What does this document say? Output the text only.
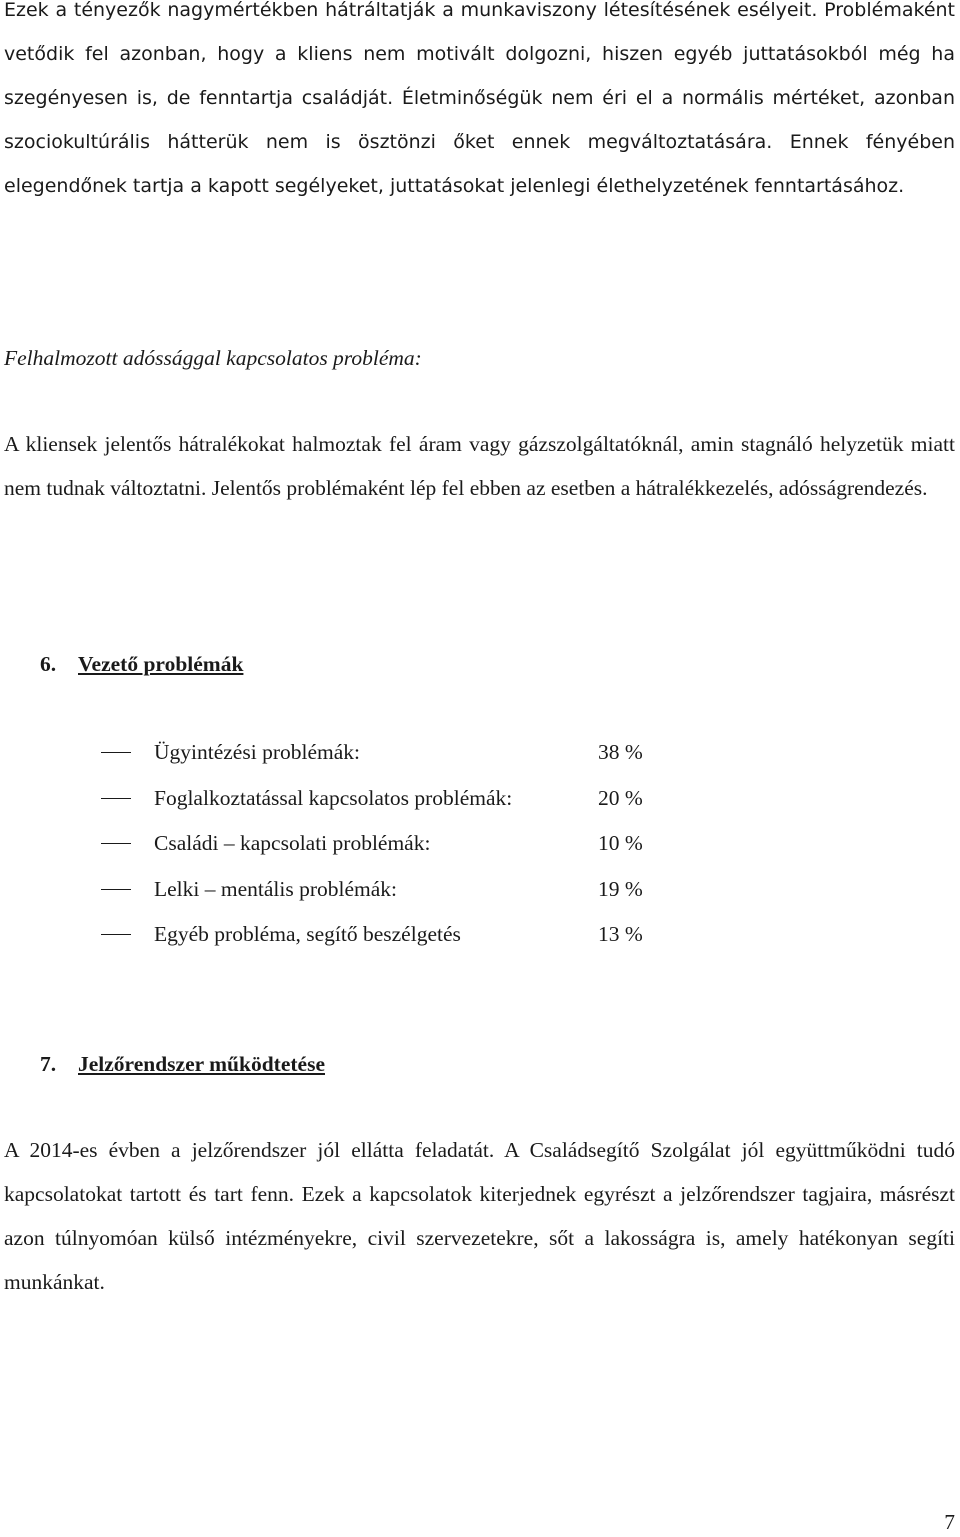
Ezek a tényezők nagymértékben hátráltatják a munkaviszony létesítésének esélyeit. Problémaként vetődik fel azonban, hogy a kliens nem motivált dolgozni, hiszen egyéb juttatásokból még ha szegényesen is, de fenntartja családját. Életminőségük nem éri el a normális mértéket, azonban szociokultúrális hátterük nem is ösztönzi őket ennek megváltoztatására. Ennek fényében elegendőnek tartja a kapott segélyeket, juttatásokat jelenlegi élethelyzetének fenntartásához.

Felhalmozott adóssággal kapcsolatos probléma:

A kliensek jelentős hátralékokat halmoztak fel áram vagy gázszolgáltatóknál, amin stagnáló helyzetük miatt nem tudnak változtatni. Jelentős problémaként lép fel ebben az esetben a hátralékkezelés, adósságrendezés.

6. Vezető problémák

Ügyintézési problémák:	38 %
Foglalkoztatással kapcsolatos problémák:	20 %
Családi – kapcsolati problémák:	10 %
Lelki – mentális problémák:	19 %
Egyéb probléma, segítő beszélgetés	13 %

7. Jelzőrendszer működtetése

A 2014-es évben a jelzőrendszer jól ellátta feladatát. A Családsegítő Szolgálat jól együttműködni tudó kapcsolatokat tartott és tart fenn. Ezek a kapcsolatok kiterjednek egyrészt a jelzőrendszer tagjaira, másrészt azon túlnyomóan külső intézményekre, civil szervezetekre, sőt a lakosságra is, amely hatékonyan segíti munkánkat.

7
